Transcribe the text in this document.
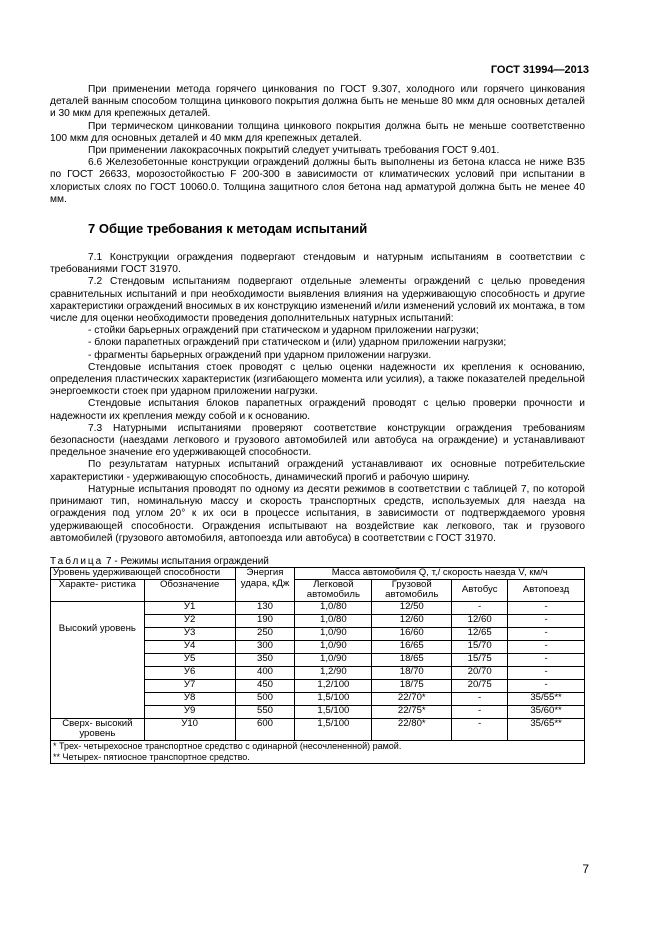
ГОСТ 31994—2013

При применении метода горячего цинкования по ГОСТ 9.307, холодного или горячего цинкования деталей ванным способом толщина цинкового покрытия должна быть не меньше 80 мкм для основных деталей и 30 мкм для крепежных деталей.

При термическом цинковании толщина цинкового покрытия должна быть не меньше соответственно 100 мкм для основных деталей и 40 мкм для крепежных деталей.

При применении лакокрасочных покрытий следует учитывать требования ГОСТ 9.401.

6.6 Железобетонные конструкции ограждений должны быть выполнены из бетона класса не ниже В35 по ГОСТ 26633, морозостойкостью F 200-300 в зависимости от климатических условий при испытании в хлористых слоях по ГОСТ 10060.0. Толщина защитного слоя бетона над арматурой должна быть не менее 40 мм.

7 Общие требования к методам испытаний

7.1 Конструкции ограждения подвергают стендовым и натурным испытаниям в соответствии с требованиями ГОСТ 31970.

7.2 Стендовым испытаниям подвергают отдельные элементы ограждений с целью проведения сравнительных испытаний и при необходимости выявления влияния на удерживающую способность и другие характеристики ограждений вносимых в их конструкцию изменений и/или изменений условий их монтажа, в том числе для оценки необходимости проведения дополнительных натурных испытаний:

- стойки барьерных ограждений при статическом и ударном приложении нагрузки;

- блоки парапетных ограждений при статическом и (или) ударном приложении нагрузки;

- фрагменты барьерных ограждений при ударном приложении нагрузки.

Стендовые испытания стоек проводят с целью оценки надежности их крепления к основанию, определения пластических характеристик (изгибающего момента или усилия), а также показателей предельной энергоемкости стоек при ударном приложении нагрузки.

Стендовые испытания блоков парапетных ограждений проводят с целью проверки прочности и надежности их крепления между собой и к основанию.

7.3 Натурными испытаниями проверяют соответствие конструкции ограждения требованиям безопасности (наездами легкового и грузового автомобилей или автобуса на ограждение) и устанавливают предельное значение его удерживающей способности.

По результатам натурных испытаний ограждений устанавливают их основные потребительские характеристики - удерживающую способность, динамический прогиб и рабочую ширину.

Натурные испытания проводят по одному из десяти режимов в соответствии с таблицей 7, по которой принимают тип, номинальную массу и скорость транспортных средств, используемых для наезда на ограждения под углом 20° к их оси в процессе испытания, в зависимости от подтверждаемого уровня удерживающей способности. Ограждения испытывают на воздействие как легкового, так и грузового автомобилей (грузового автомобиля, автопоезда или автобуса) в соответствии с ГОСТ 31970.

Таблица 7 - Режимы испытания ограждений
Уровень удерживающей способности		Энергия удара, кДж	Масса автомобиля Q, т,/ скорость наезда V, км/ч			
Характе- ристика	Обозначение		Легковой автомобиль	Грузовой автомобиль	Автобус	Автопоезд
Высокий уровень	У1	130	1,0/80	12/50	-	-
	У2	190	1,0/80	12/60	12/60	-
	У3	250	1,0/90	16/60	12/65	-
	У4	300	1,0/90	16/65	15/70	-
	У5	350	1,0/90	18/65	15/75	-
	У6	400	1,2/90	18/70	20/70	-
	У7	450	1,2/100	18/75	20/75	-
	У8	500	1,5/100	22/70*	-	35/55**
	У9	550	1,5/100	22/75*	-	35/60**
Сверх- высокий уровень	У10	600	1,5/100	22/80*	-	35/65**

* Трех- четырехосное транспортное средство с одинарной (несочлененной) рамой.
** Четырех- пятиосное транспортное средство.						
7
